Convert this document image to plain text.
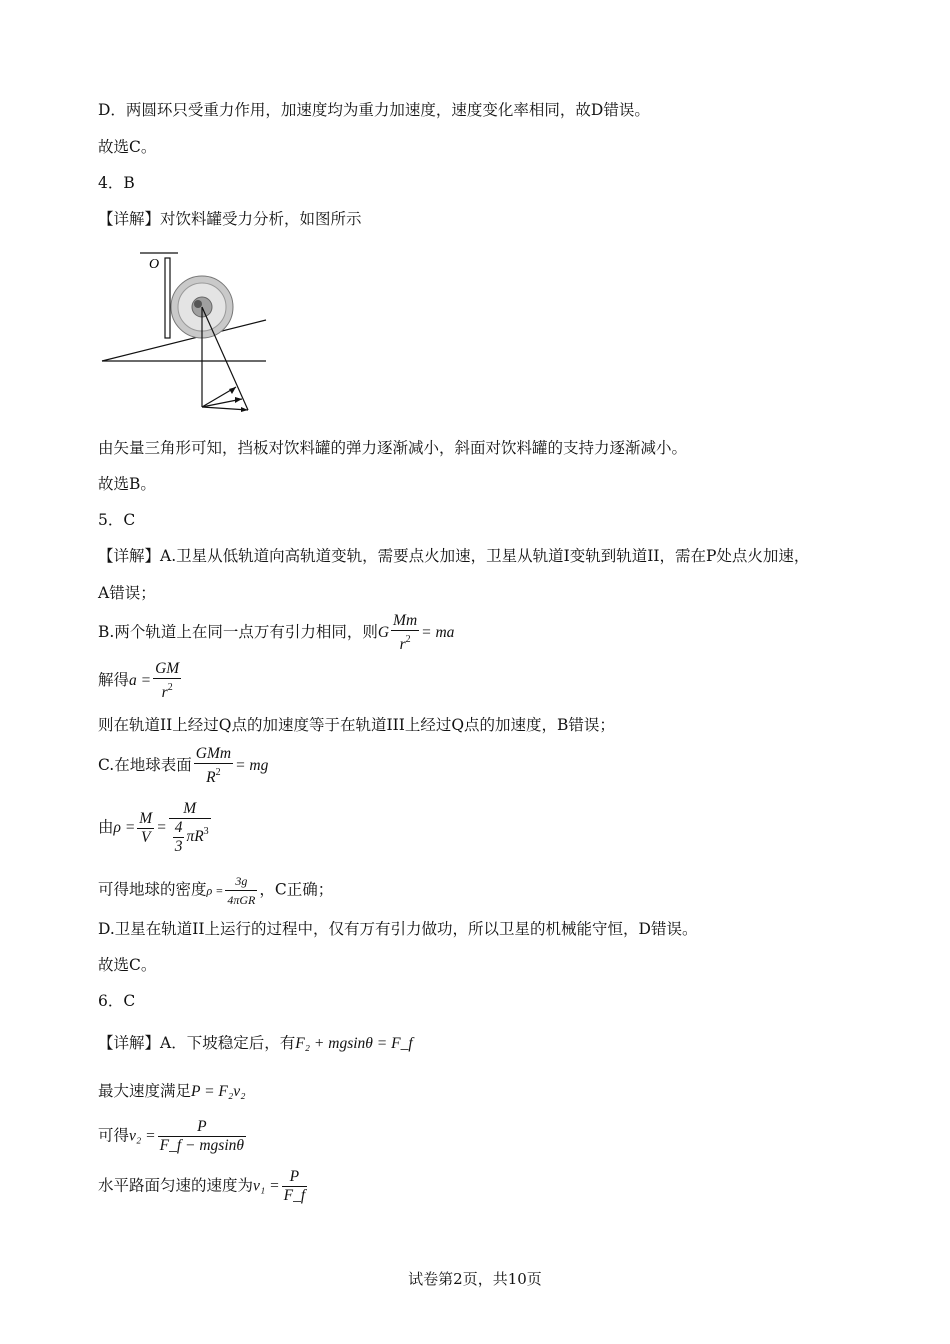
D．两圆环只受重力作用，加速度均为重力加速度，速度变化率相同，故D错误。
故选C。
4．B
【详解】对饮料罐受力分析，如图所示
O
由矢量三角形可知，挡板对饮料罐的弹力逐渐减小，斜面对饮料罐的支持力逐渐减小。
故选B。
5．C
【详解】A.卫星从低轨道向高轨道变轨，需要点火加速，卫星从轨道I变轨到轨道II，需在P处点火加速，
A错误；
B.两个轨道上在同一点万有引力相同，则G $\frac{Mm}{r^2}$ = ma
解得$a = \frac{GM}{r^2}$
则在轨道II上经过Q点的加速度等于在轨道III上经过Q点的加速度，B错误；
C.在地球表面 $\frac{\text{GMm}}{R^2}$ = mg
由$\rho = \frac{M}{V} = \frac{M}{\frac{4}{3} \pi R^3}$
可得地球的密度$\rho = \frac{3g}{\text{4πGR}}$ ，C正确；
D.卫星在轨道II上运行的过程中，仅有万有引力做功，所以卫星的机械能守恒，D错误。
故选C。
6．C
【详解】A．下坡稳定后，有F₂ + mgsinθ = F_f
最大速度满足P = F₂v₂
可得$v_2 = \frac{P}{F\_f - mgsin\theta}$
水平路面匀速的速度为$v_1 = \frac{P}{F\_f}$
试卷第2页，共10页
